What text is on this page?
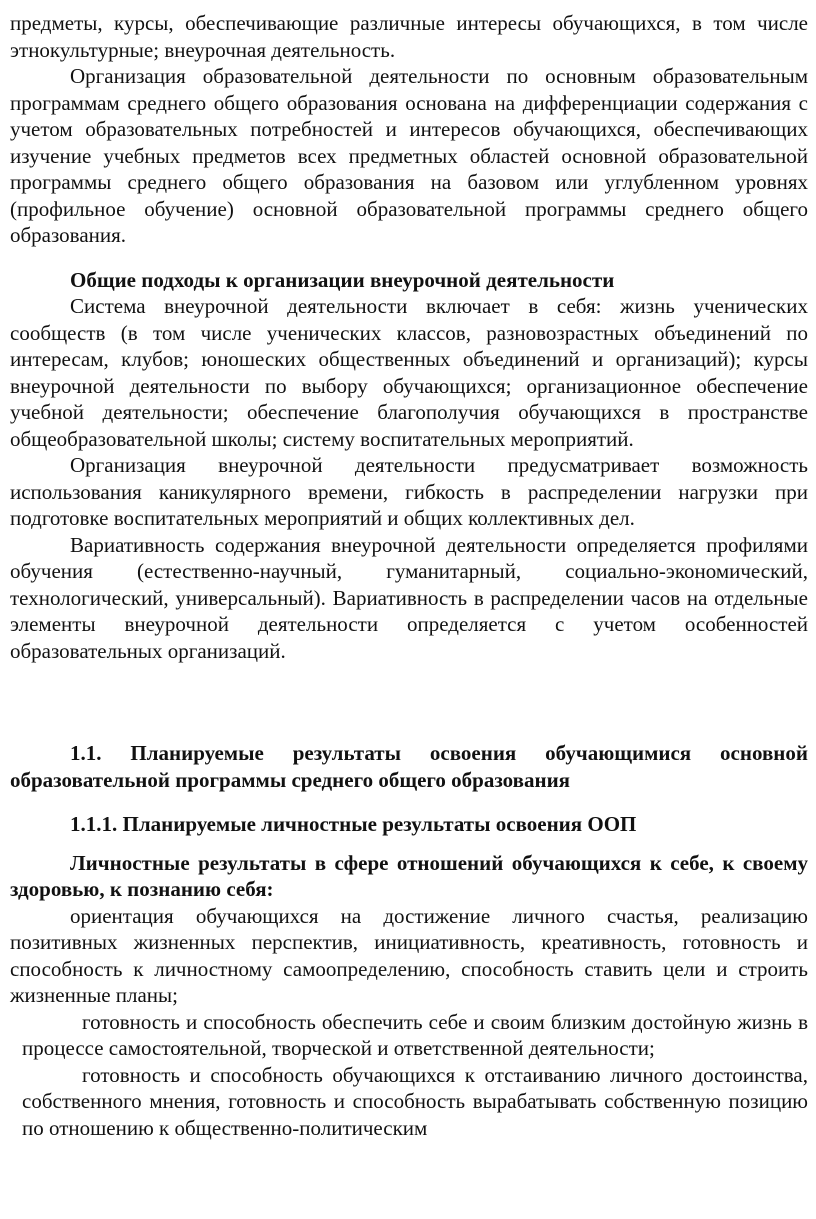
предметы, курсы, обеспечивающие различные интересы обучающихся, в том числе этнокультурные; внеурочная деятельность.

Организация образовательной деятельности по основным образовательным программам среднего общего образования основана на дифференциации содержания с учетом образовательных потребностей и интересов обучающихся, обеспечивающих изучение учебных предметов всех предметных областей основной образовательной программы среднего общего образования на базовом или углубленном уровнях (профильное обучение) основной образовательной программы среднего общего образования.

Общие подходы к организации внеурочной деятельности

Система внеурочной деятельности включает в себя: жизнь ученических сообществ (в том числе ученических классов, разновозрастных объединений по интересам, клубов; юношеских общественных объединений и организаций); курсы внеурочной деятельности по выбору обучающихся; организационное обеспечение учебной деятельности; обеспечение благополучия обучающихся в пространстве общеобразовательной школы; систему воспитательных мероприятий.

Организация внеурочной деятельности предусматривает возможность использования каникулярного времени, гибкость в распределении нагрузки при подготовке воспитательных мероприятий и общих коллективных дел.

Вариативность содержания внеурочной деятельности определяется профилями обучения (естественно-научный, гуманитарный, социально-экономический, технологический, универсальный). Вариативность в распределении часов на отдельные элементы внеурочной деятельности определяется с учетом особенностей образовательных организаций.

1.1. Планируемые результаты освоения обучающимися основной образовательной программы среднего общего образования

1.1.1. Планируемые личностные результаты освоения ООП

Личностные результаты в сфере отношений обучающихся к себе, к своему здоровью, к познанию себя:

ориентация обучающихся на достижение личного счастья, реализацию позитивных жизненных перспектив, инициативность, креативность, готовность и способность к личностному самоопределению, способность ставить цели и строить жизненные планы;

готовность и способность обеспечить себе и своим близким достойную жизнь в процессе самостоятельной, творческой и ответственной деятельности;

готовность и способность обучающихся к отстаиванию личного достоинства, собственного мнения, готовность и способность вырабатывать собственную позицию по отношению к общественно-политическим
